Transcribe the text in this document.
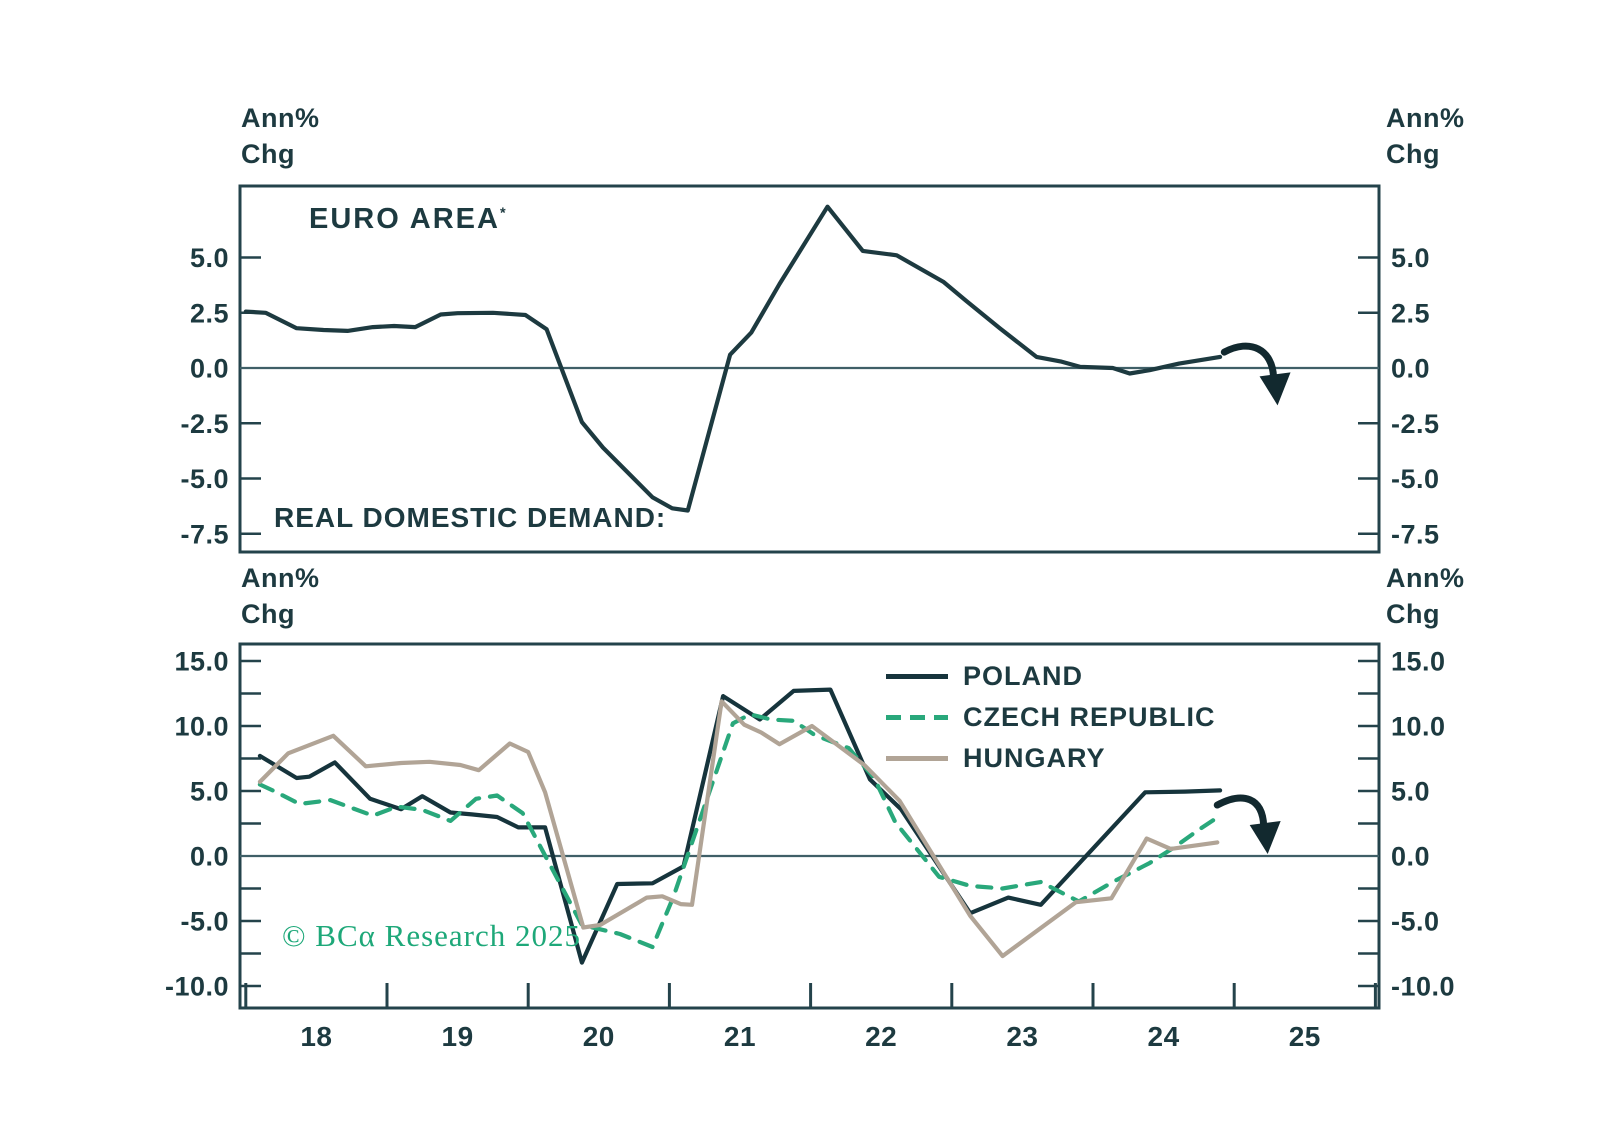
5.0	5.0
2.5	2.5
0.0	0.0
-2.5	-2.5
-5.0	-5.0
-7.5	-7.5
15.0	15.0
10.0	10.0
5.0	5.0
0.0	0.0
-5.0	-5.0
-10.0	-10.0
18	19	20	21	22	23	24	25
Ann%
Chg
Ann%
Chg
Ann%
Chg
Ann%
Chg
EURO AREA*
REAL DOMESTIC DEMAND:
POLAND
CZECH REPUBLIC
HUNGARY
© BCα Research 2025
